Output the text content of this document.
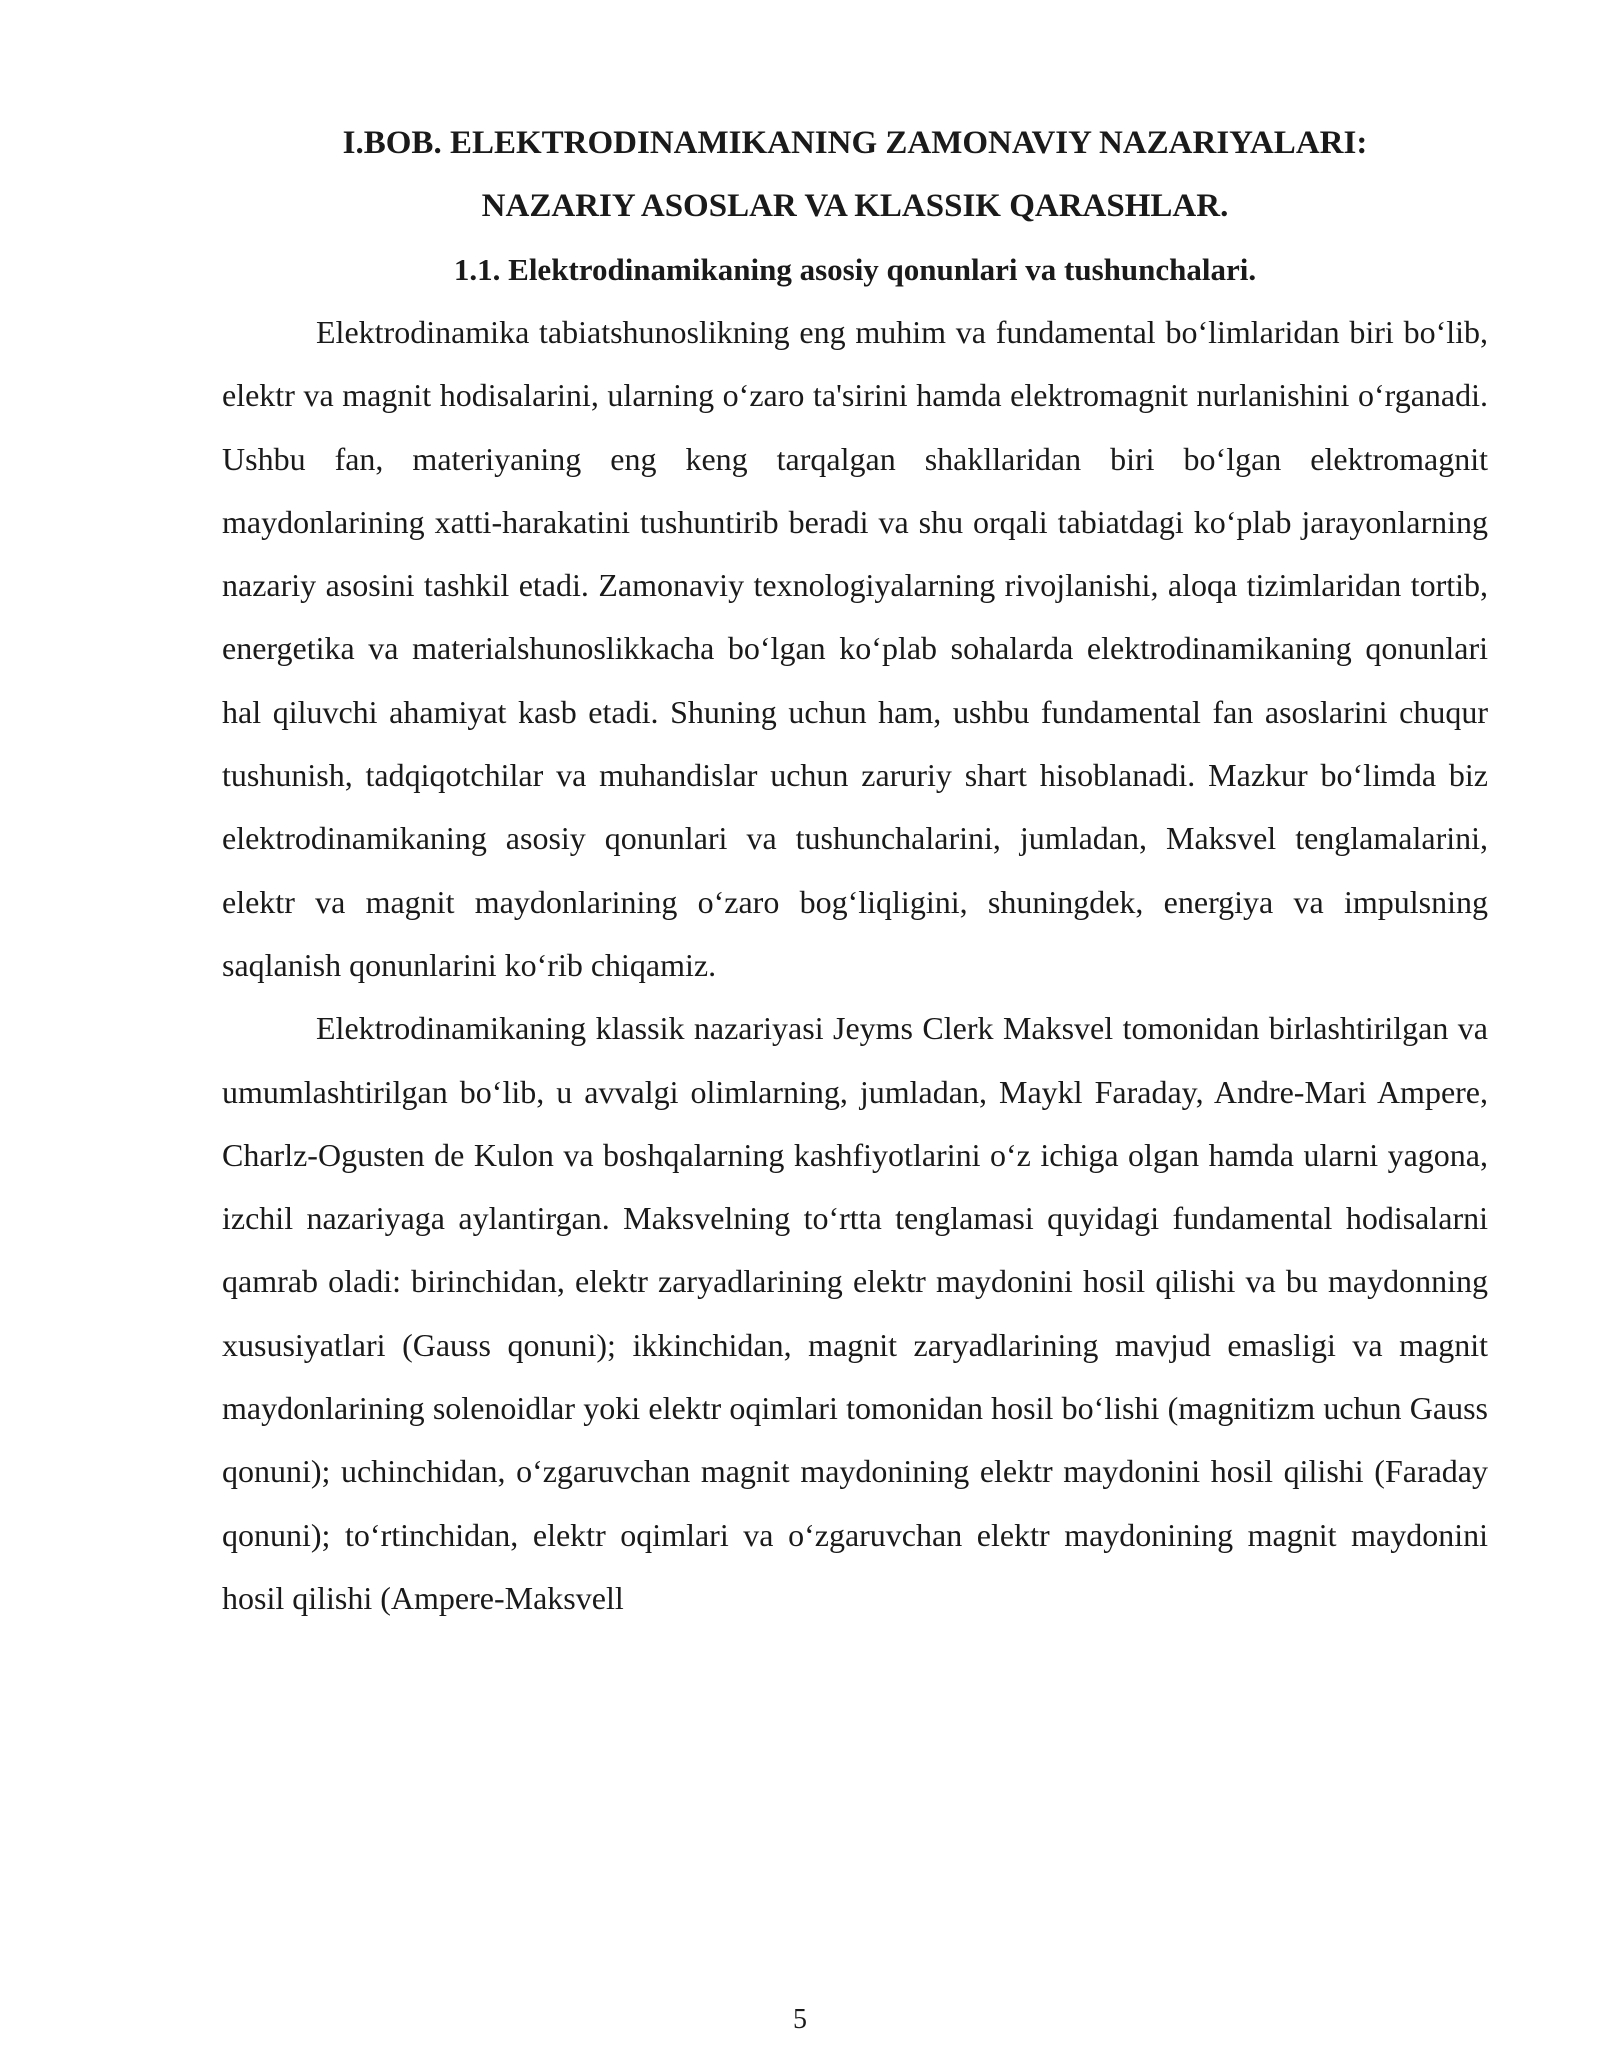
I.BOB. ELEKTRODINAMIKANING ZAMONAVIY NAZARIYALARI:

NAZARIY ASOSLAR VA KLASSIK QARASHLAR.

1.1. Elektrodinamikaning asosiy qonunlari va tushunchalari.

Elektrodinamika tabiatshunoslikning eng muhim va fundamental bo‘limlaridan biri bo‘lib, elektr va magnit hodisalarini, ularning o‘zaro ta'sirini hamda elektromagnit nurlanishini o‘rganadi. Ushbu fan, materiyaning eng keng tarqalgan shakllaridan biri bo‘lgan elektromagnit maydonlarining xatti-harakatini tushuntirib beradi va shu orqali tabiatdagi ko‘plab jarayonlarning nazariy asosini tashkil etadi. Zamonaviy texnologiyalarning rivojlanishi, aloqa tizimlaridan tortib, energetika va materialshunoslikkacha bo‘lgan ko‘plab sohalarda elektrodinamikaning qonunlari hal qiluvchi ahamiyat kasb etadi. Shuning uchun ham, ushbu fundamental fan asoslarini chuqur tushunish, tadqiqotchilar va muhandislar uchun zaruriy shart hisoblanadi. Mazkur bo‘limda biz elektrodinamikaning asosiy qonunlari va tushunchalarini, jumladan, Maksvel tenglamalarini, elektr va magnit maydonlarining o‘zaro bog‘liqligini, shuningdek, energiya va impulsning saqlanish qonunlarini ko‘rib chiqamiz.

Elektrodinamikaning klassik nazariyasi Jeyms Clerk Maksvel tomonidan birlashtirilgan va umumlashtirilgan bo‘lib, u avvalgi olimlarning, jumladan, Maykl Faraday, Andre-Mari Ampere, Charlz-Ogusten de Kulon va boshqalarning kashfiyotlarini o‘z ichiga olgan hamda ularni yagona, izchil nazariyaga aylantirgan. Maksvelning to‘rtta tenglamasi quyidagi fundamental hodisalarni qamrab oladi: birinchidan, elektr zaryadlarining elektr maydonini hosil qilishi va bu maydonning xususiyatlari (Gauss qonuni); ikkinchidan, magnit zaryadlarining mavjud emasligi va magnit maydonlarining solenoidlar yoki elektr oqimlari tomonidan hosil bo‘lishi (magnitizm uchun Gauss qonuni); uchinchidan, o‘zgaruvchan magnit maydonining elektr maydonini hosil qilishi (Faraday qonuni); to‘rtinchidan, elektr oqimlari va o‘zgaruvchan elektr maydonining magnit maydonini hosil qilishi (Ampere-Maksvell

5
